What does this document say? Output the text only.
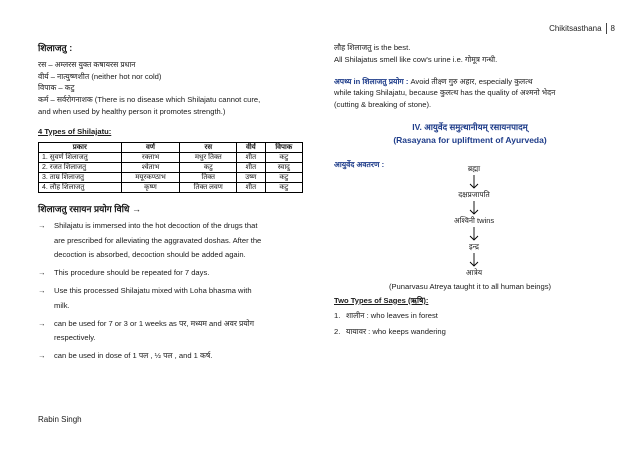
Chikitsasthana 8
शिलाजतु :

रस – अम्लरस युक्त कषायरस प्रधान

वीर्य – नात्युष्णशीत (neither hot nor cold)

विपाक – कटु

कर्म – सर्वरोगनाशक (There is no disease which Shilajatu cannot cure,

and when used by healthy person it promotes strength.)

4 Types of Shilajatu:
प्रकार	वर्ण	रस	वीर्य	विपाक
1. सुवर्ण शिलाजतु	रक्ताभ	मधुर तिक्त	शीत	कटु
2. रजत शिलाजतु	श्वेताभ	कटु	शीत	स्वादु
3. ताम्र शिलाजतु	मयूरकण्ठाभ	तिक्त	उष्ण	कटु
4. लौह शिलाजतु	कृष्ण	तिक्त लवण	शीत	कटु
शिलाजतु रसायन प्रयोग विधि →
→	Shilajatu is immersed into the hot decoction of the drugs that

are prescribed for alleviating the aggravated doshas. After the

decoction is absorbed, decoction should be added again.

→	This procedure should be repeated for 7 days.

→	Use this processed Shilajatu mixed with Loha bhasma with

milk.

→	can be used for 7 or 3 or 1 weeks as पर, मध्यम and अवर प्रयोग

respectively.

→	can be used in dose of 1 पल , ½ पल , and 1 कर्ष.

लौह शिलाजतु is the best.

All Shilajatus smell like cow's urine i.e. गोमूत्र गन्धी.

अपथ्य in शिलाजतु प्रयोग : Avoid तीक्ष्ण गुरु अहार, especially कुलत्थ

while taking Shilajatu, because कुलत्थ has the quality of अश्मनो भेदन

(cutting & breaking of stone).

IV. आयुर्वेद समुत्थानीयम् रसायनपादम्
(Rasayana for upliftment of Ayurveda)
आयुर्वेद अवतरण :	ब्रह्मा
दक्षप्रजापति
अश्विनी twins
इन्द्र
आत्रेय
(Punarvasu Atreya taught it to all human beings)
Two Types of Sages (ऋषि):
1. शालीन : who leaves in forest
2. यायावर : who keeps wandering
Rabin Singh
